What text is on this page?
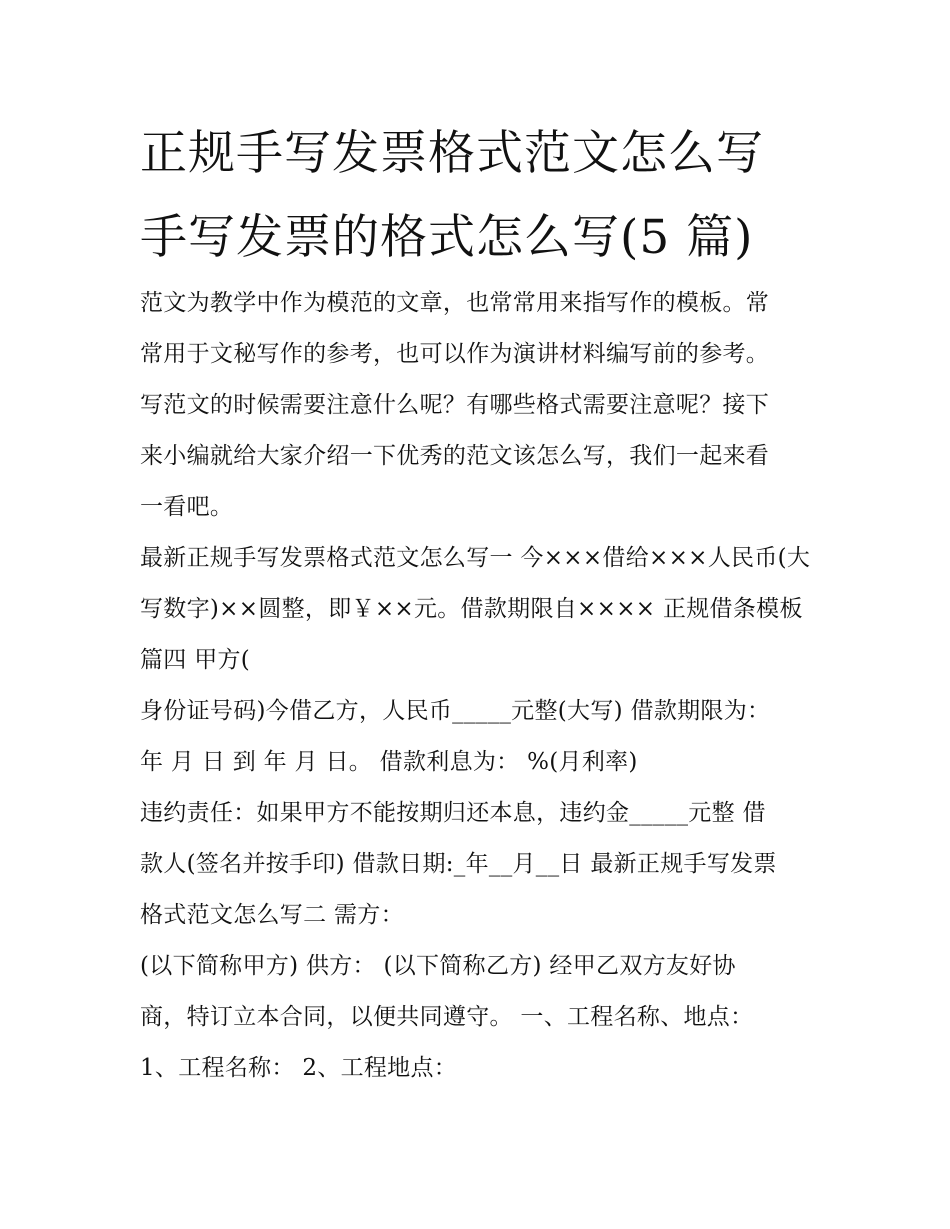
正规手写发票格式范文怎么写
手写发票的格式怎么写(5 篇)
范文为教学中作为模范的文章，也常常用来指写作的模板。常
常用于文秘写作的参考，也可以作为演讲材料编写前的参考。
写范文的时候需要注意什么呢？有哪些格式需要注意呢？接下
来小编就给大家介绍一下优秀的范文该怎么写，我们一起来看
一看吧。
最新正规手写发票格式范文怎么写一 今×××借给×××人民币(大
写数字)××圆整，即￥××元。借款期限自×××× 正规借条模板
篇四 甲方(
身份证号码)今借乙方，人民币_____元整(大写) 借款期限为：
年 月 日 到 年 月 日。 借款利息为： %(月利率)
违约责任：如果甲方不能按期归还本息，违约金_____元整 借
款人(签名并按手印) 借款日期:_年__月__日 最新正规手写发票
格式范文怎么写二 需方：
(以下简称甲方) 供方： (以下简称乙方) 经甲乙双方友好协
商，特订立本合同，以便共同遵守。 一、工程名称、地点：
1、工程名称： 2、工程地点：
